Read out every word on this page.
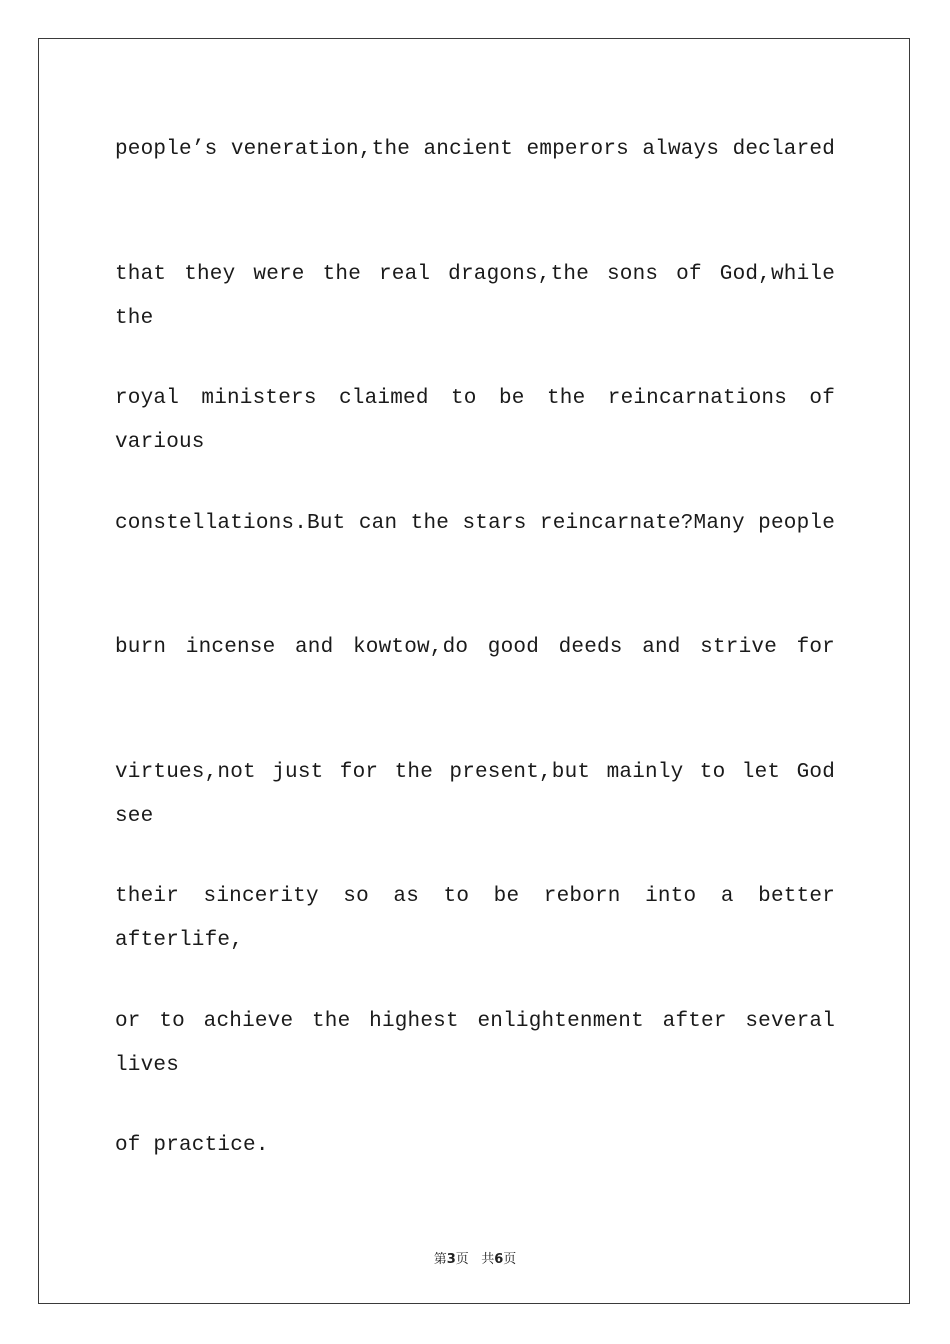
people’s veneration,the ancient emperors always declared
that they were the real dragons,the sons of God,while the
royal ministers claimed to be the reincarnations of various
constellations.But can the stars reincarnate?Many people
burn incense and kowtow,do good deeds and strive for
virtues,not just for the present,but mainly to let God see
their sincerity so as to be reborn into a better afterlife,
or to achieve the highest enlightenment after several lives
of practice.
第3页 共6页
